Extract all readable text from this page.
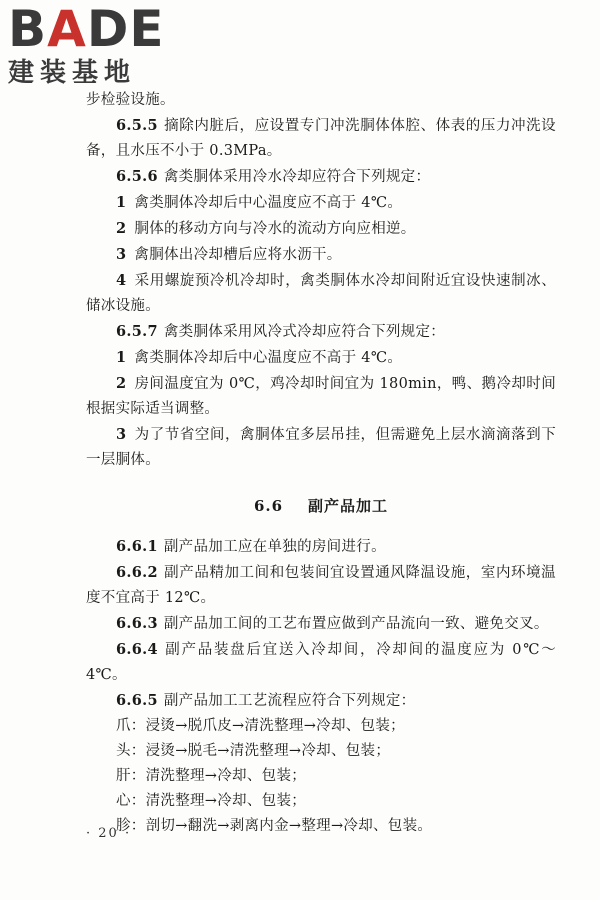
BADE
建装基地

步检验设施。

6.5.5 摘除内脏后，应设置专门冲洗胴体体腔、体表的压力冲洗设备，且水压不小于 0.3MPa。

6.5.6 禽类胴体采用冷水冷却应符合下列规定：

1 禽类胴体冷却后中心温度应不高于 4℃。

2 胴体的移动方向与冷水的流动方向应相逆。

3 禽胴体出冷却槽后应将水沥干。

4 采用螺旋预冷机冷却时，禽类胴体水冷却间附近宜设快速制冰、储冰设施。

6.5.7 禽类胴体采用风冷式冷却应符合下列规定：

1 禽类胴体冷却后中心温度应不高于 4℃。

2 房间温度宜为 0℃，鸡冷却时间宜为 180min，鸭、鹅冷却时间根据实际适当调整。

3 为了节省空间，禽胴体宜多层吊挂，但需避免上层水滴滴落到下一层胴体。

6.6 副产品加工

6.6.1 副产品加工应在单独的房间进行。

6.6.2 副产品精加工间和包装间宜设置通风降温设施，室内环境温度不宜高于 12℃。

6.6.3 副产品加工间的工艺布置应做到产品流向一致、避免交叉。

6.6.4 副产品装盘后宜送入冷却间，冷却间的温度应为 0℃～4℃。

6.6.5 副产品加工工艺流程应符合下列规定：

爪：浸烫→脱爪皮→清洗整理→冷却、包装；

头：浸烫→脱毛→清洗整理→冷却、包装；

肝：清洗整理→冷却、包装；

心：清洗整理→冷却、包装；

胗：剖切→翻洗→剥离内金→整理→冷却、包装。

· 20 ·
